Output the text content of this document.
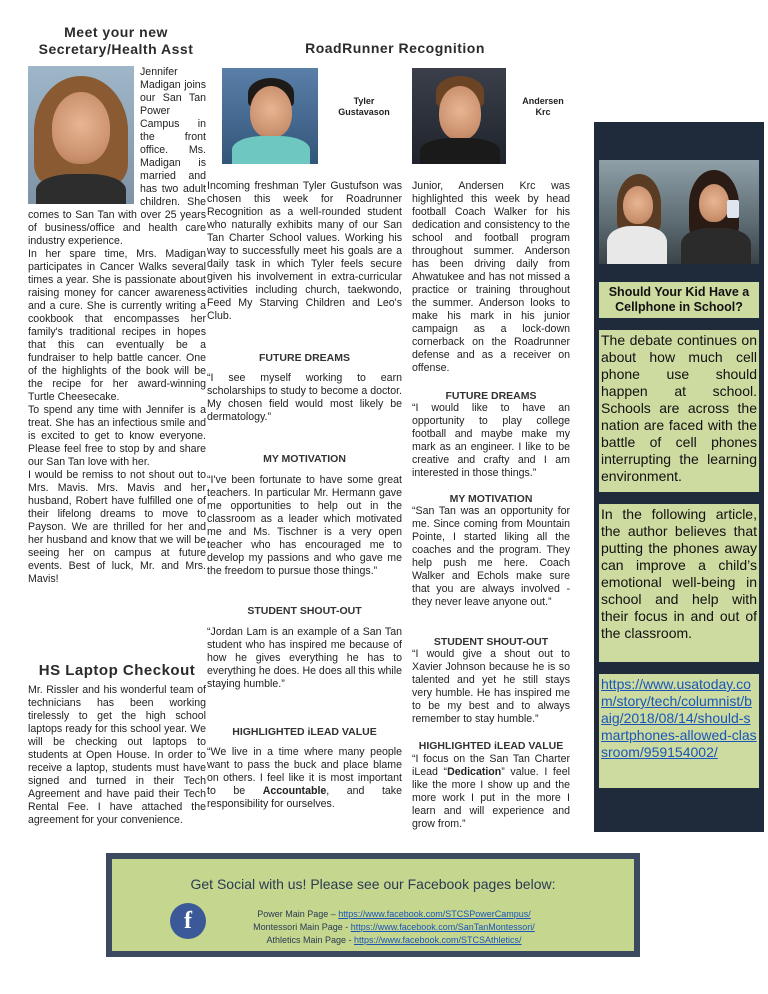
Meet your new
Secretary/Health Asst

Jennifer Madigan joins our San Tan Power Campus in the front office. Ms. Madigan is married and has two adult children. She comes to San Tan with over 25 years of business/office and health care industry experience.

In her spare time, Mrs. Madigan participates in Cancer Walks several times a year. She is passionate about raising money for cancer awareness and a cure. She is currently writing a cookbook that encompasses her family's traditional recipes in hopes that this can eventually be a fundraiser to help battle cancer. One of the highlights of the book will be the recipe for her award-winning Turtle Cheesecake.

To spend any time with Jennifer is a treat. She has an infectious smile and is excited to get to know everyone. Please feel free to stop by and share our San Tan love with her.

I would be remiss to not shout out to Mrs. Mavis. Mrs. Mavis and her husband, Robert have fulfilled one of their lifelong dreams to move to Payson. We are thrilled for her and her husband and know that we will be seeing her on campus at future events. Best of luck, Mr. and Mrs. Mavis!

HS Laptop Checkout
Mr. Rissler and his wonderful team of technicians has been working tirelessly to get the high school laptops ready for this school year. We will be checking out laptops to students at Open House. In order to receive a laptop, students must have signed and turned in their Tech Agreement and have paid their Tech Rental Fee. I have attached the agreement for your convenience.
RoadRunner Recognition
Tyler
Gustavason
Incoming freshman Tyler Gustufson was chosen this week for Roadrunner Recognition as a well-rounded student who naturally exhibits many of our San Tan Charter School values. Working his way to successfully meet his goals are a daily task in which Tyler feels secure given his involvement in extra-curricular activities including church, taekwondo, Feed My Starving Children and Leo's Club.
FUTURE DREAMS
“I see myself working to earn scholarships to study to become a doctor. My chosen field would most likely be dermatology.”
MY MOTIVATION
“I've been fortunate to have some great teachers. In particular Mr. Hermann gave me opportunities to help out in the classroom as a leader which motivated me and Ms. Tischner is a very open teacher who has encouraged me to develop my passions and who gave me the freedom to pursue those things.”
STUDENT SHOUT-OUT
“Jordan Lam is an example of a San Tan student who has inspired me because of how he gives everything he has to everything he does. He does all this while staying humble.”
HIGHLIGHTED iLEAD VALUE
“We live in a time where many people want to pass the buck and place blame on others. I feel like it is most important to be Accountable, and take responsibility for ourselves.
Andersen
Krc
Junior, Andersen Krc was highlighted this week by head football Coach Walker for his dedication and consistency to the school and football program throughout summer. Anderson has been driving daily from Ahwatukee and has not missed a practice or training throughout the summer. Anderson looks to make his mark in his junior campaign as a lock-down cornerback on the Roadrunner defense and as a receiver on offense.
FUTURE DREAMS
“I would like to have an opportunity to play college football and maybe make my mark as an engineer. I like to be creative and crafty and I am interested in those things.”
MY MOTIVATION
“San Tan was an opportunity for me. Since coming from Mountain Pointe, I started liking all the coaches and the program. They help push me here. Coach Walker and Echols make sure that you are always involved - they never leave anyone out.”
STUDENT SHOUT-OUT
“I would give a shout out to Xavier Johnson because he is so talented and yet he still stays very humble. He has inspired me to be my best and to always remember to stay humble.”
HIGHLIGHTED iLEAD VALUE
“I focus on the San Tan Charter iLead “Dedication” value. I feel like the more I show up and the more work I put in the more I learn and will experience and grow from.”
Should Your Kid Have a Cellphone in School?
The debate continues on about how much cell phone use should happen at school. Schools are across the nation are faced with the battle of cell phones interrupting the learning environment.
In the following article, the author believes that putting the phones away can improve a child’s emotional well-being in school and help with their focus in and out of the classroom.
https://www.usatoday.com/story/tech/columnist/baig/2018/08/14/should-smartphones-allowed-classroom/959154002/
Get Social with us! Please see our Facebook pages below:
f	Power Main Page – https://www.facebook.com/STCSPowerCampus/
Montessori Main Page - https://www.facebook.com/SanTanMontessori/
Athletics Main Page - https://www.facebook.com/STCSAthletics/
